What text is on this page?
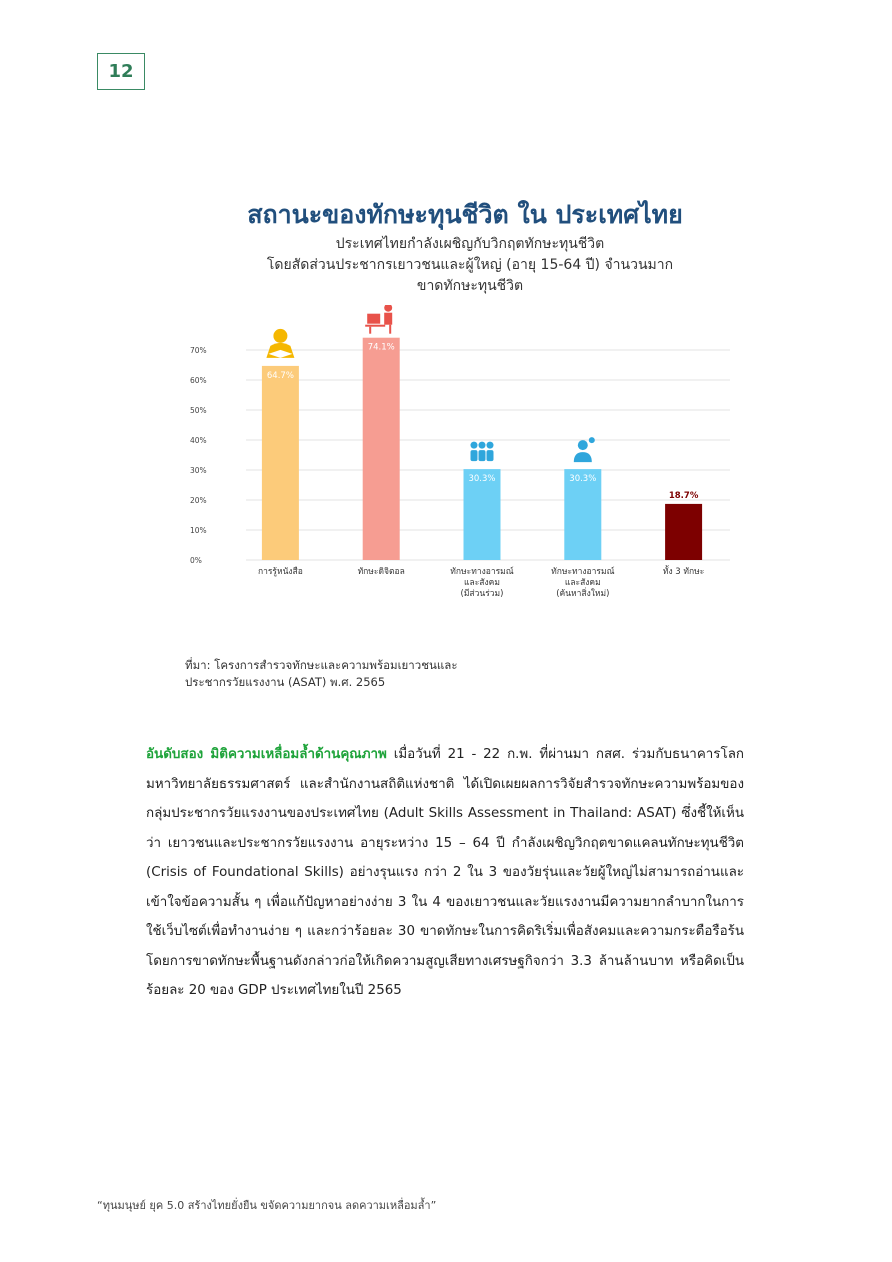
12
สถานะของทักษะทุนชีวิต ใน ประเทศไทย
ประเทศไทยกำลังเผชิญกับวิกฤตทักษะทุนชีวิต
โดยสัดส่วนประชากรเยาวชนและผู้ใหญ่ (อายุ 15-64 ปี) จำนวนมาก
ขาดทักษะทุนชีวิต
0%
10%
20%
30%
40%
50%
60%
70%
64.7%
การรู้หนังสือ
74.1%
ทักษะดิจิตอล
30.3%
ทักษะทางอารมณ์
และสังคม
(มีส่วนร่วม)
30.3%
ทักษะทางอารมณ์
และสังคม
(ค้นหาสิ่งใหม่)
18.7%
ทั้ง 3 ทักษะ
ที่มา: โครงการสำรวจทักษะและความพร้อมเยาวชนและ
ประชากรวัยแรงงาน (ASAT) พ.ศ. 2565
อันดับสอง มิติความเหลื่อมล้ำด้านคุณภาพ เมื่อวันที่ 21 - 22 ก.พ. ที่ผ่านมา กสศ. ร่วมกับธนาคารโลก มหาวิทยาลัยธรรมศาสตร์ และสำนักงานสถิติแห่งชาติ ได้เปิดเผยผลการวิจัยสำรวจทักษะความพร้อมของกลุ่มประชากรวัยแรงงานของประเทศไทย (Adult Skills Assessment in Thailand: ASAT) ซึ่งชี้ให้เห็นว่า เยาวชนและประชากรวัยแรงงาน อายุระหว่าง 15 – 64 ปี กำลังเผชิญวิกฤตขาดแคลนทักษะทุนชีวิต (Crisis of Foundational Skills) อย่างรุนแรง กว่า 2 ใน 3 ของวัยรุ่นและวัยผู้ใหญ่ไม่สามารถอ่านและเข้าใจข้อความสั้น ๆ เพื่อแก้ปัญหาอย่างง่าย 3 ใน 4 ของเยาวชนและวัยแรงงานมีความยากลำบากในการใช้เว็บไซต์เพื่อทำงานง่าย ๆ และกว่าร้อยละ 30 ขาดทักษะในการคิดริเริ่มเพื่อสังคมและความกระตือรือร้น โดยการขาดทักษะพื้นฐานดังกล่าวก่อให้เกิดความสูญเสียทางเศรษฐกิจกว่า 3.3 ล้านล้านบาท หรือคิดเป็นร้อยละ 20 ของ GDP ประเทศไทยในปี 2565
“ทุนมนุษย์ ยุค 5.0 สร้างไทยยั่งยืน ขจัดความยากจน ลดความเหลื่อมล้ำ”
